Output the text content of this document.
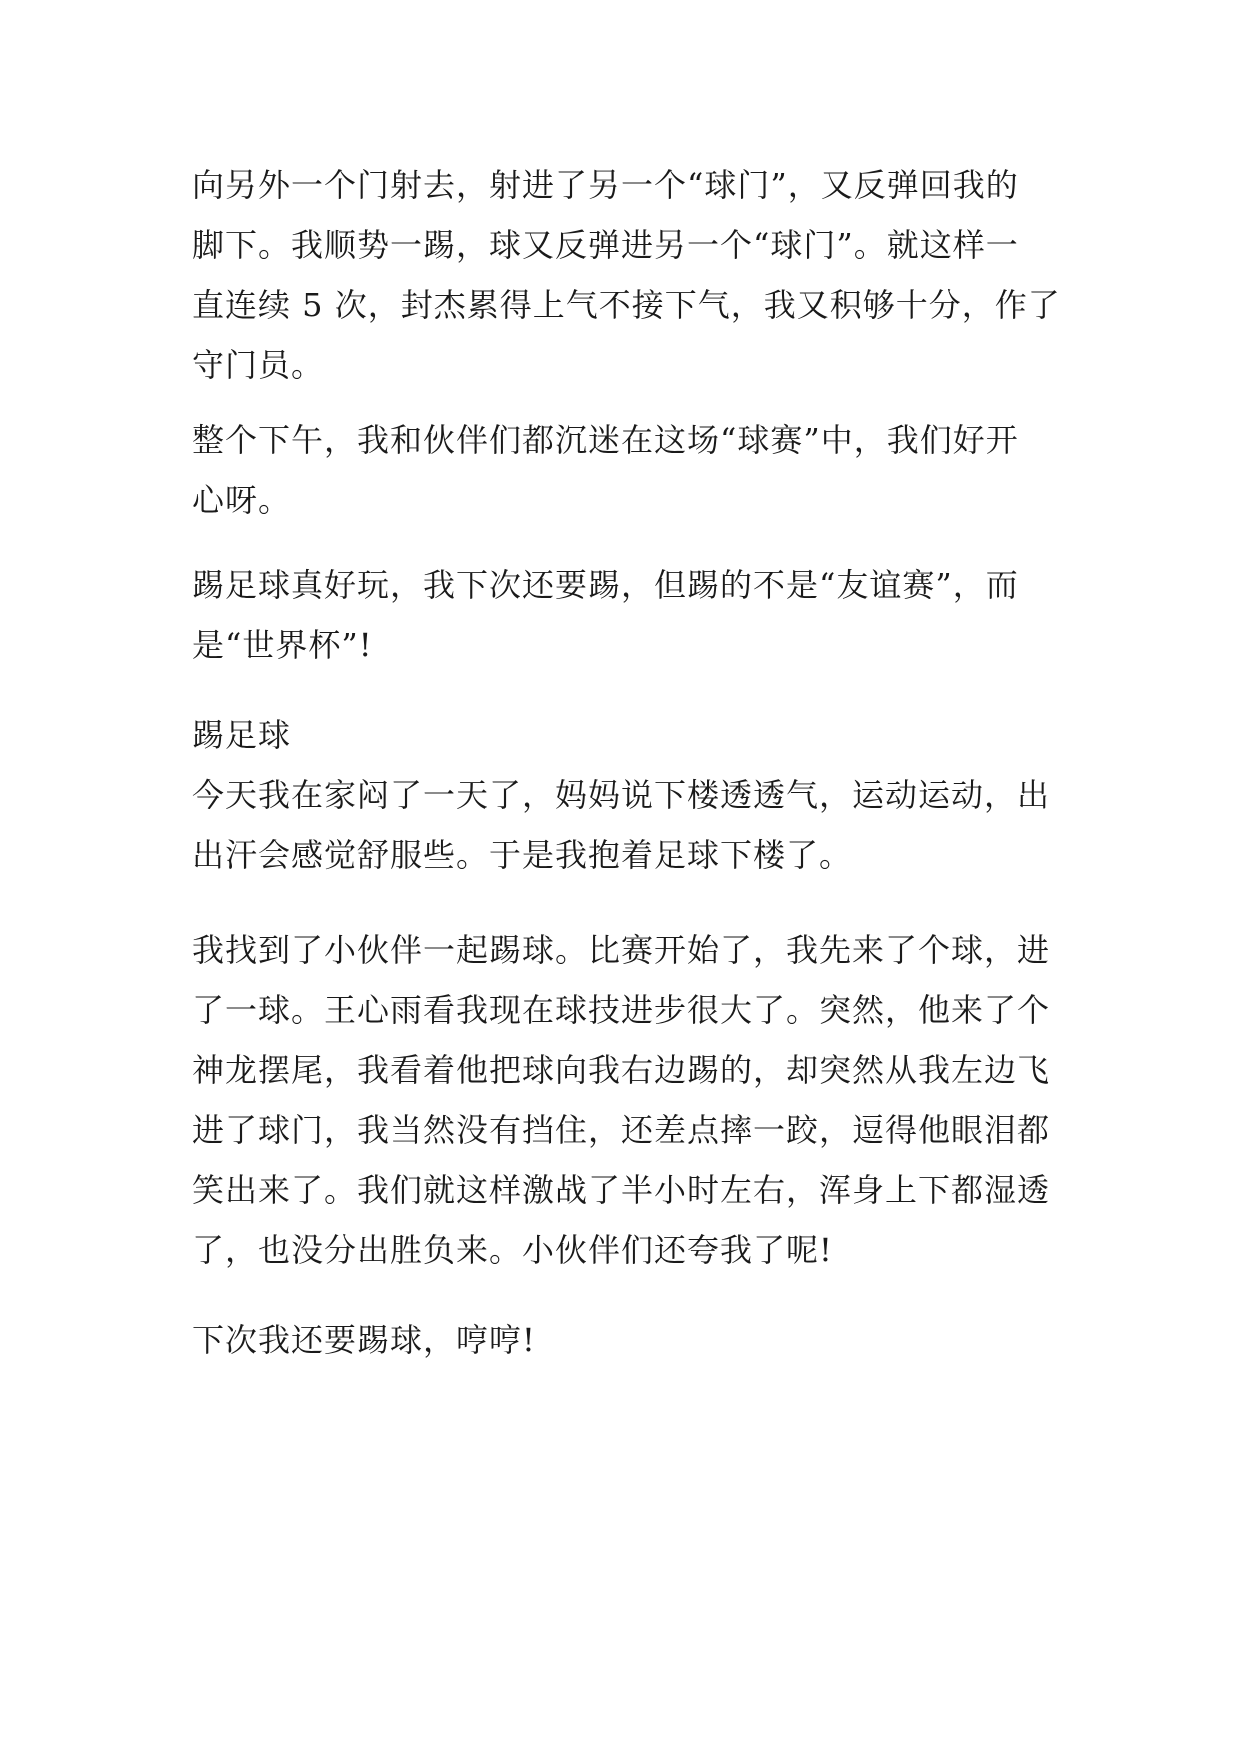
向另外一个门射去，射进了另一个“球门”，又反弹回我的
脚下。我顺势一踢，球又反弹进另一个“球门”。就这样一
直连续 5 次，封杰累得上气不接下气，我又积够十分，作了
守门员。

整个下午，我和伙伴们都沉迷在这场“球赛”中，我们好开
心呀。

踢足球真好玩，我下次还要踢，但踢的不是“友谊赛”，而
是“世界杯”!

踢足球

今天我在家闷了一天了，妈妈说下楼透透气，运动运动，出
出汗会感觉舒服些。于是我抱着足球下楼了。

我找到了小伙伴一起踢球。比赛开始了，我先来了个球，进
了一球。王心雨看我现在球技进步很大了。突然，他来了个
神龙摆尾，我看着他把球向我右边踢的，却突然从我左边飞
进了球门，我当然没有挡住，还差点摔一跤，逗得他眼泪都
笑出来了。我们就这样激战了半小时左右，浑身上下都湿透
了，也没分出胜负来。小伙伴们还夸我了呢!

下次我还要踢球，哼哼!
